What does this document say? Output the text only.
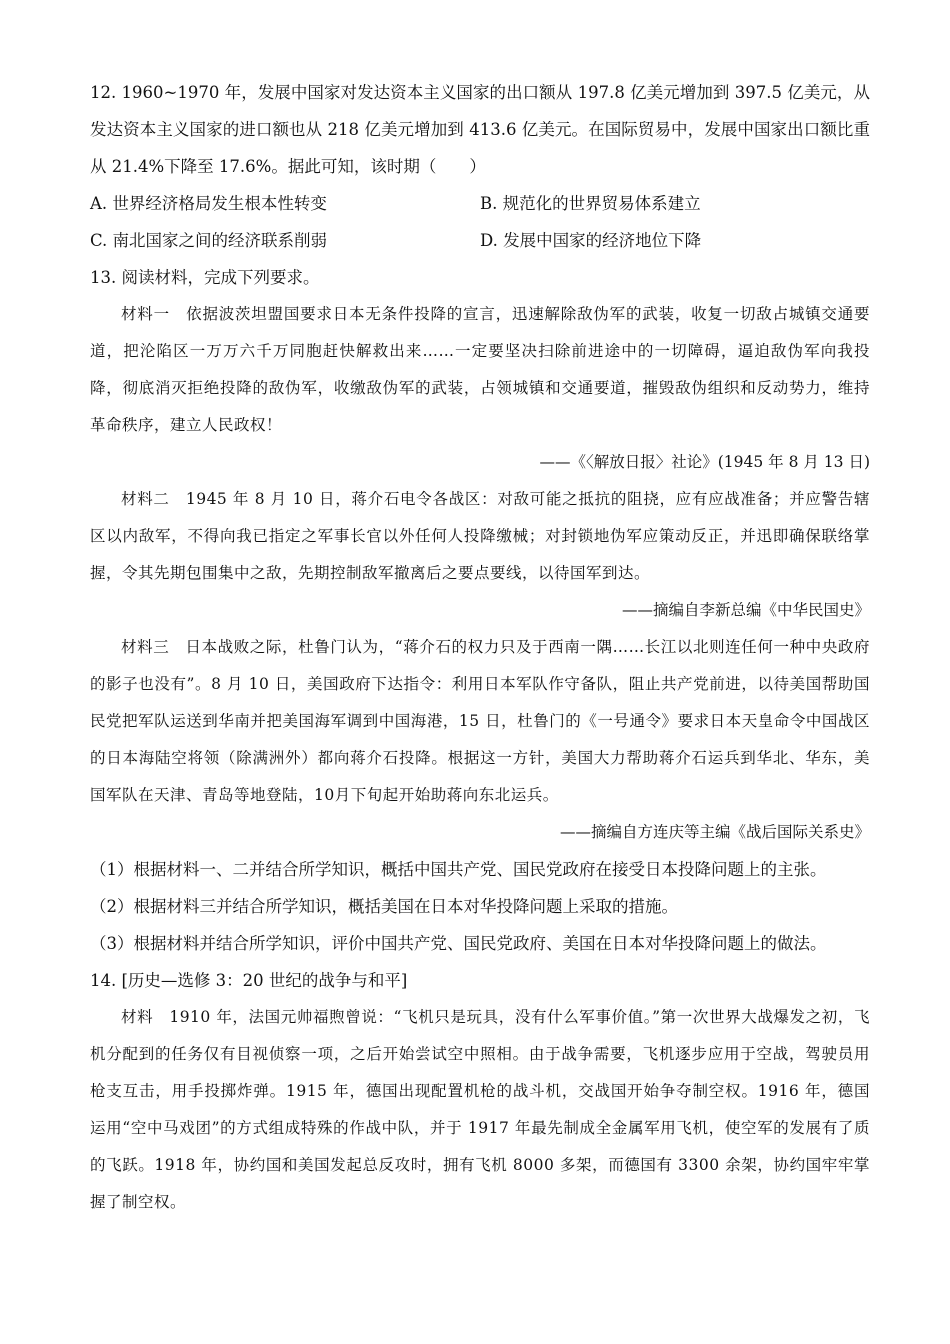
12. 1960~1970 年，发展中国家对发达资本主义国家的出口额从 197.8 亿美元增加到 397.5 亿美元，从发达资本主义国家的进口额也从 218 亿美元增加到 413.6 亿美元。在国际贸易中，发展中国家出口额比重从 21.4%下降至 17.6%。据此可知，该时期（　　）

A. 世界经济格局发生根本性转变	B. 规范化的世界贸易体系建立
C. 南北国家之间的经济联系削弱	D. 发展中国家的经济地位下降

13. 阅读材料，完成下列要求。

材料一　依据波茨坦盟国要求日本无条件投降的宣言，迅速解除敌伪军的武装，收复一切敌占城镇交通要道，把沦陷区一万万六千万同胞赶快解救出来……一定要坚决扫除前进途中的一切障碍，逼迫敌伪军向我投降，彻底消灭拒绝投降的敌伪军，收缴敌伪军的武装，占领城镇和交通要道，摧毁敌伪组织和反动势力，维持革命秩序，建立人民政权！

——《〈解放日报〉社论》(1945 年 8 月 13 日)

材料二　1945 年 8 月 10 日，蒋介石电令各战区：对敌可能之抵抗的阻挠，应有应战准备；并应警告辖区以内敌军，不得向我已指定之军事长官以外任何人投降缴械；对封锁地伪军应策动反正，并迅即确保联络掌握，令其先期包围集中之敌，先期控制敌军撤离后之要点要线，以待国军到达。

——摘编自李新总编《中华民国史》

材料三　日本战败之际，杜鲁门认为，“蒋介石的权力只及于西南一隅……长江以北则连任何一种中央政府的影子也没有”。8 月 10 日，美国政府下达指令：利用日本军队作守备队，阻止共产党前进，以待美国帮助国民党把军队运送到华南并把美国海军调到中国海港，15 日，杜鲁门的《一号通令》要求日本天皇命令中国战区的日本海陆空将领（除满洲外）都向蒋介石投降。根据这一方针，美国大力帮助蒋介石运兵到华北、华东，美国军队在天津、青岛等地登陆，10月下旬起开始助蒋向东北运兵。

——摘编自方连庆等主编《战后国际关系史》

（1）根据材料一、二并结合所学知识，概括中国共产党、国民党政府在接受日本投降问题上的主张。

（2）根据材料三并结合所学知识，概括美国在日本对华投降问题上采取的措施。

（3）根据材料并结合所学知识，评价中国共产党、国民党政府、美国在日本对华投降问题上的做法。

14. [历史—选修 3：20 世纪的战争与和平]

材料　1910 年，法国元帅福煦曾说：“飞机只是玩具，没有什么军事价值。”第一次世界大战爆发之初，飞机分配到的任务仅有目视侦察一项，之后开始尝试空中照相。由于战争需要，飞机逐步应用于空战，驾驶员用枪支互击，用手投掷炸弹。1915 年，德国出现配置机枪的战斗机，交战国开始争夺制空权。1916 年，德国运用“空中马戏团”的方式组成特殊的作战中队，并于 1917 年最先制成全金属军用飞机，使空军的发展有了质的飞跃。1918 年，协约国和美国发起总反攻时，拥有飞机 8000 多架，而德国有 3300 余架，协约国牢牢掌握了制空权。
